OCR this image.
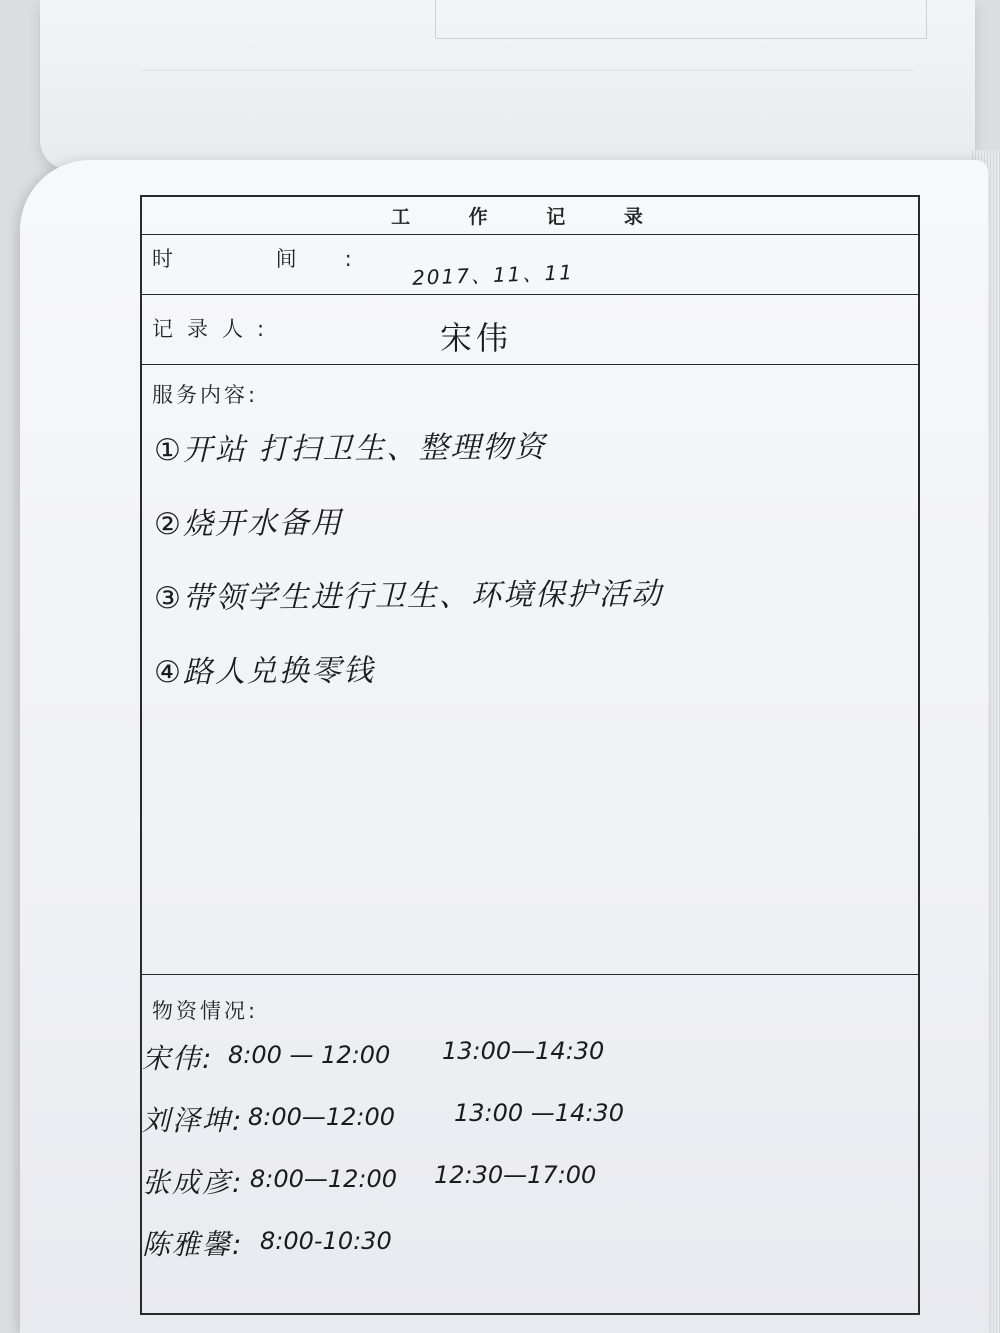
工 作 记 录
时 间:
2017、11、11
记录人:	宋伟
服务内容:
①开站 打扫卫生、整理物资
②烧开水备用
③带领学生进行卫生、环境保护活动
④路人兑换零钱
物资情况:
宋伟: 8:00 — 12:00 13:00—14:30
刘泽坤: 8:00—12:00 13:00 —14:30
张成彦: 8:00—12:00 12:30—17:00
陈雅馨: 8:00-10:30
